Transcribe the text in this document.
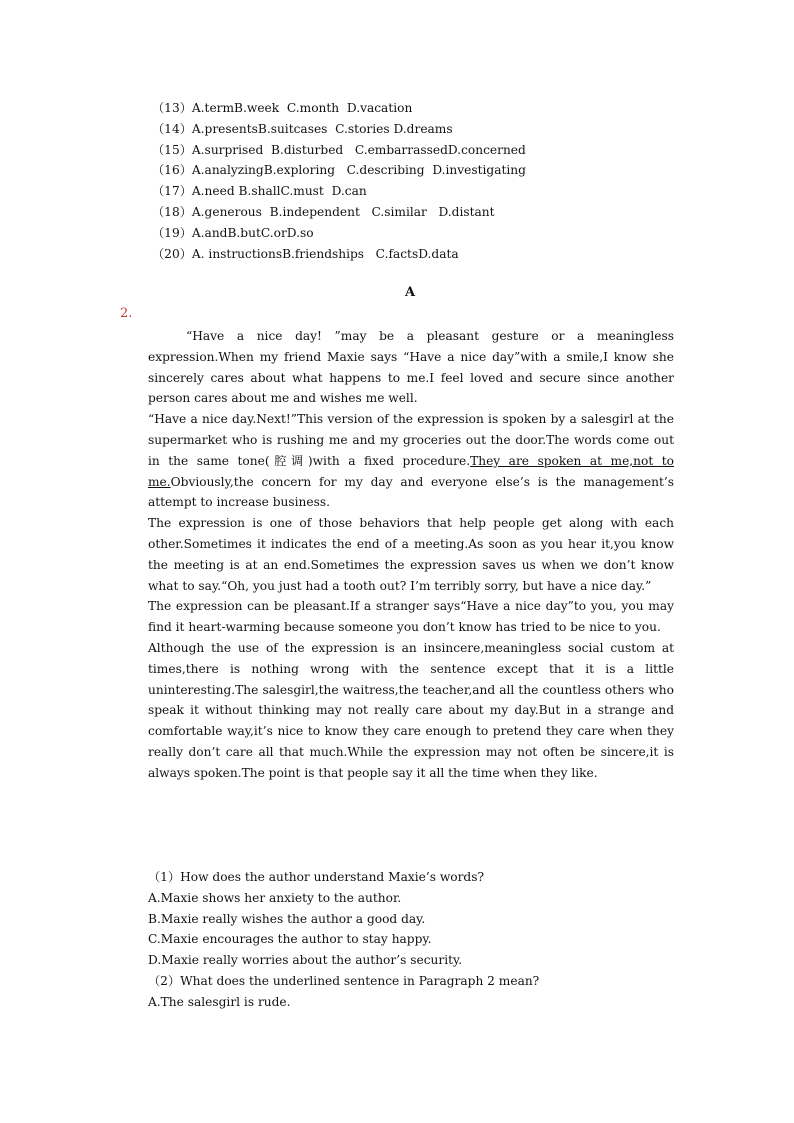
（13）A.termB.week  C.month  D.vacation
（14）A.presentsB.suitcases  C.stories D.dreams
（15）A.surprised  B.disturbed   C.embarrassedD.concerned
（16）A.analyzingB.exploring   C.describing  D.investigating
（17）A.need B.shallC.must  D.can
（18）A.generous  B.independent   C.similar   D.distant
（19）A.andB.butC.orD.so
（20）A. instructionsB.friendships   C.factsD.data
A
2.

“Have a nice day! ”may be a pleasant gesture or a meaningless expression.When my friend Maxie says “Have a nice day”with a smile,I know she sincerely cares about what happens to me.I feel loved and secure since another person cares about me and wishes me well.

“Have a nice day.Next!”This version of the expression is spoken by a salesgirl at the supermarket who is rushing me and my groceries out the door.The words come out in the same tone(腔调)with a fixed procedure.They are spoken at me,not to me.Obviously,the concern for my day and everyone else’s is the management’s attempt to increase business.

The expression is one of those behaviors that help people get along with each other.Sometimes it indicates the end of a meeting.As soon as you hear it,you know the meeting is at an end.Sometimes the expression saves us when we don’t know what to say.“Oh, you just had a tooth out? I’m terribly sorry, but have a nice day.”

The expression can be pleasant.If a stranger says“Have a nice day”to you, you may find it heart-warming because someone you don’t know has tried to be nice to you.

Although the use of the expression is an insincere,meaningless social custom at times,there is nothing wrong with the sentence except that it is a little uninteresting.The salesgirl,the waitress,the teacher,and all the countless others who speak it without thinking may not really care about my day.But in a strange and comfortable way,it’s nice to know they care enough to pretend they care when they really don’t care all that much.While the expression may not often be sincere,it is always spoken.The point is that people say it all the time when they like.

（1）How does the author understand Maxie’s words?
A.Maxie shows her anxiety to the author.
B.Maxie really wishes the author a good day.
C.Maxie encourages the author to stay happy.
D.Maxie really worries about the author’s security.
（2）What does the underlined sentence in Paragraph 2 mean?
A.The salesgirl is rude.
